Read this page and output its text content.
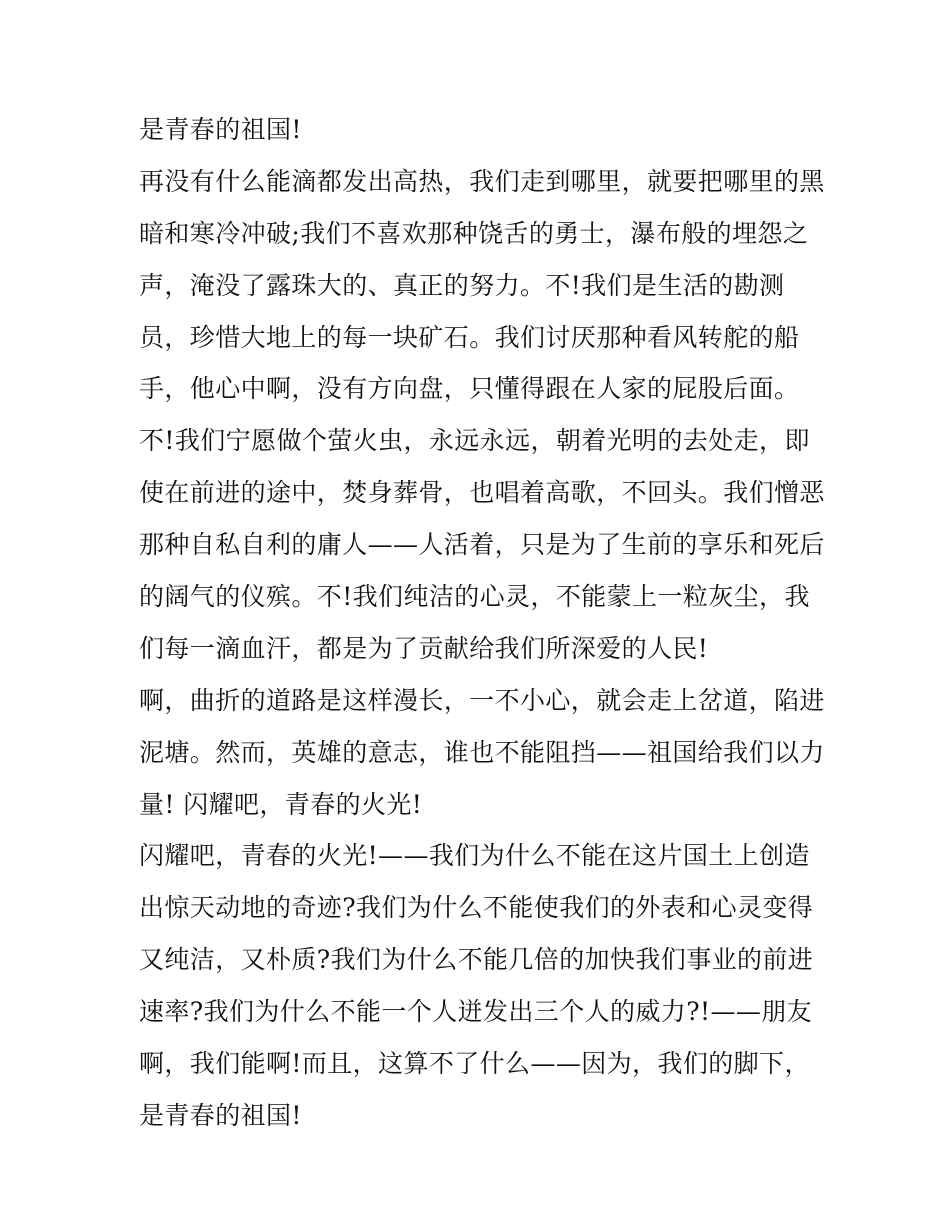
是青春的祖国!
再没有什么能滴都发出高热，我们走到哪里，就要把哪里的黑
暗和寒冷冲破;我们不喜欢那种饶舌的勇士，瀑布般的埋怨之
声，淹没了露珠大的、真正的努力。不!我们是生活的勘测
员，珍惜大地上的每一块矿石。我们讨厌那种看风转舵的船
手，他心中啊，没有方向盘，只懂得跟在人家的屁股后面。
不!我们宁愿做个萤火虫，永远永远，朝着光明的去处走，即
使在前进的途中，焚身葬骨，也唱着高歌，不回头。我们憎恶
那种自私自利的庸人——人活着，只是为了生前的享乐和死后
的阔气的仪殡。不!我们纯洁的心灵，不能蒙上一粒灰尘，我
们每一滴血汗，都是为了贡献给我们所深爱的人民!
啊，曲折的道路是这样漫长，一不小心，就会走上岔道，陷进
泥塘。然而，英雄的意志，谁也不能阻挡——祖国给我们以力
量! 闪耀吧，青春的火光!
闪耀吧，青春的火光!——我们为什么不能在这片国土上创造
出惊天动地的奇迹?我们为什么不能使我们的外表和心灵变得
又纯洁，又朴质?我们为什么不能几倍的加快我们事业的前进
速率?我们为什么不能一个人迸发出三个人的威力?!——朋友
啊，我们能啊!而且，这算不了什么——因为，我们的脚下，
是青春的祖国!
